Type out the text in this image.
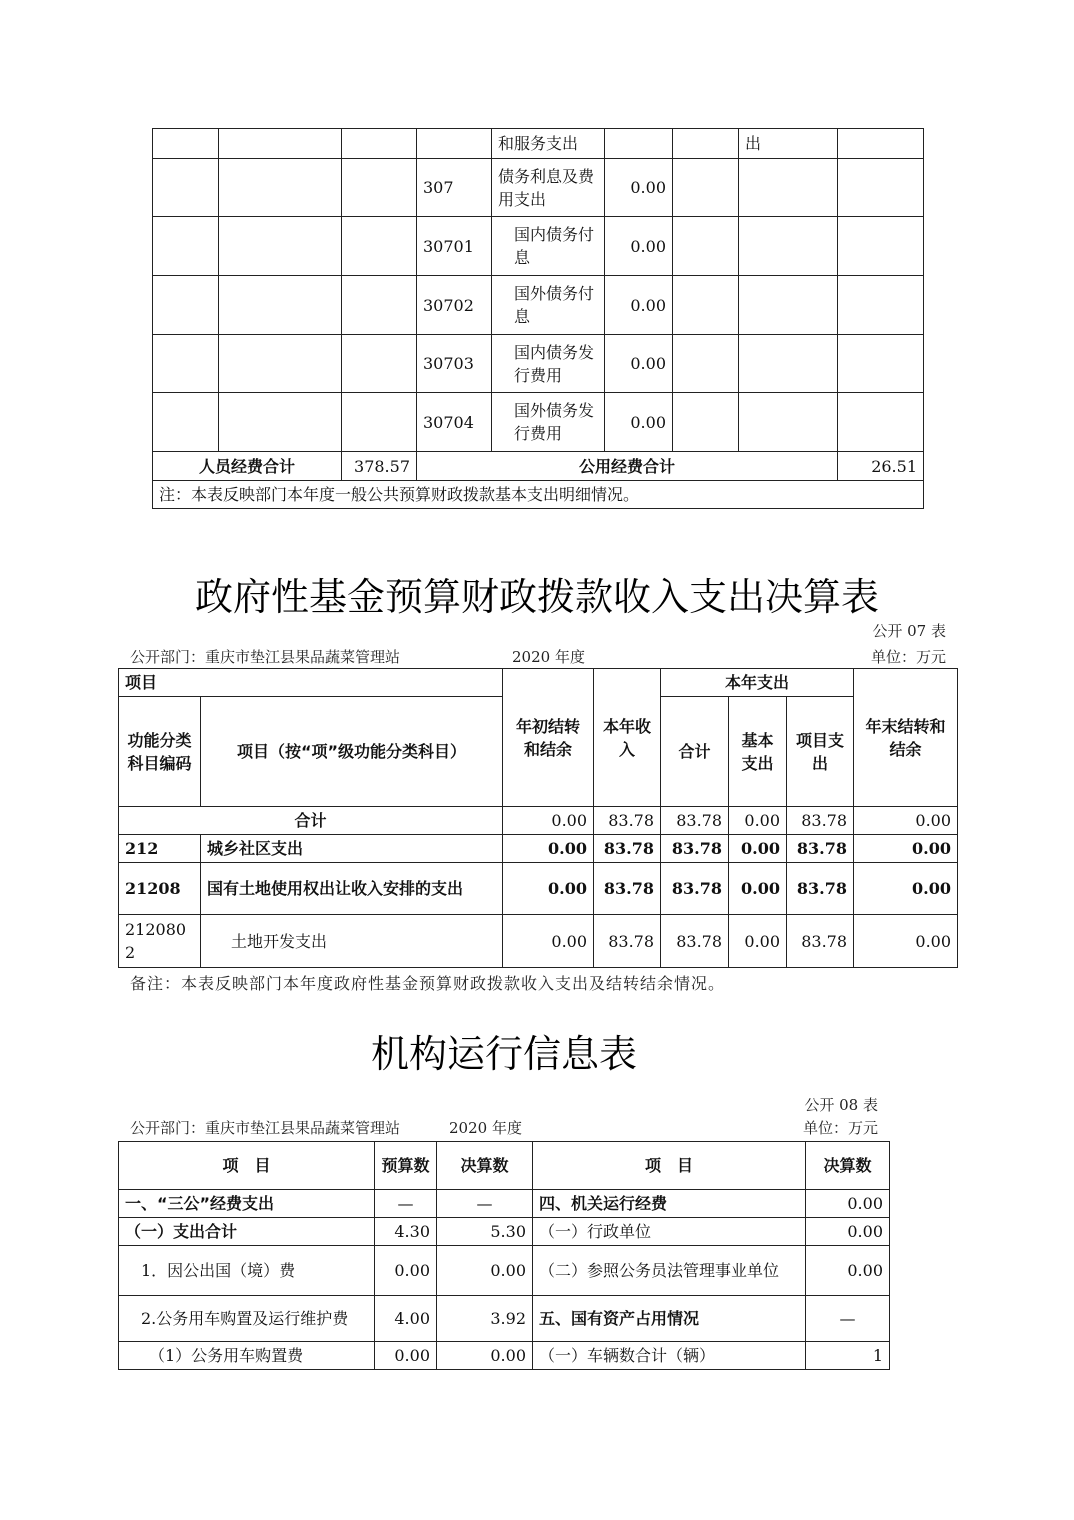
				和服务支出			出	
			307	债务利息及费用支出	0.00			
			30701	国内债务付息	0.00			
			30702	国外债务付息	0.00			
			30703	国内债务发行费用	0.00			
			30704	国外债务发行费用	0.00			
人员经费合计		378.57	公用经费合计					26.51
注：本表反映部门本年度一般公共预算财政拨款基本支出明细情况。								
政府性基金预算财政拨款收入支出决算表
公开 07 表
公开部门：重庆市垫江县果品蔬菜管理站	2020 年度	单位：万元
项目		年初结转和结余	本年收入	本年支出			年末结转和结余
功能分类科目编码	项目（按“项”级功能分类科目）			合计	基本支出	项目支出	
合计		0.00	83.78	83.78	0.00	83.78	0.00
212	城乡社区支出	0.00	83.78	83.78	0.00	83.78	0.00
21208	国有土地使用权出让收入安排的支出	0.00	83.78	83.78	0.00	83.78	0.00
2120802	土地开发支出	0.00	83.78	83.78	0.00	83.78	0.00
备注：本表反映部门本年度政府性基金预算财政拨款收入支出及结转结余情况。
机构运行信息表
公开 08 表
公开部门：重庆市垫江县果品蔬菜管理站	2020 年度	单位：万元
项　目	预算数	决算数	项　目	决算数
一、“三公”经费支出	—	—	四、机关运行经费	0.00
（一）支出合计	4.30	5.30	（一）行政单位	0.00
1．因公出国（境）费	0.00	0.00	（二）参照公务员法管理事业单位	0.00
2.公务用车购置及运行维护费	4.00	3.92	五、国有资产占用情况	—
（1）公务用车购置费	0.00	0.00	（一）车辆数合计（辆）	1
